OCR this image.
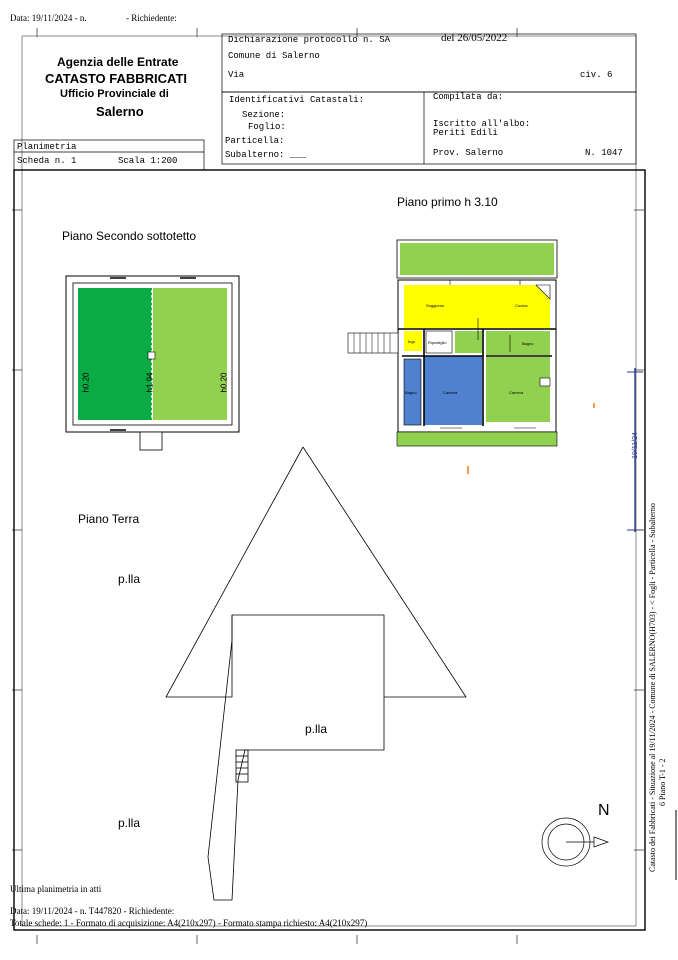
Data: 19/11/2024 - n.	- Richiedente:
Agenzia delle Entrate
CATASTO FABBRICATI
Ufficio Provinciale di
Salerno
Dichiarazione protocollo n. SA	del 26/05/2022
Comune di Salerno
Via	civ. 6
Identificativi Catastali:
Sezione:
Foglio:
Particella:
Subalterno: ___
Compilata da:
Iscritto all'albo:
Periti Edili
Prov. Salerno	N. 1047
Planimetria
Scheda n. 1	Scala 1:200
Piano Secondo sottotetto
Piano primo h 3.10
Piano Terra
h0.20	h1.94	h0.20
Soggiorno	Cucina
Ingr.	Ripostiglio	Bagno
Bagno	Camera	Camera
p.lla
p.lla
p.lla
N
19/11/24
Catasto dei Fabbricati - Situazione al 19/11/2024 - Comune di SALERNO(H703) - < Fogli - Particella - Subalterno 6 Piano T-1 - 2
Ultima planimetria in atti
Data: 19/11/2024 - n. T447820 - Richiedente:
Totale schede: 1 - Formato di acquisizione: A4(210x297) - Formato stampa richiesto: A4(210x297)
